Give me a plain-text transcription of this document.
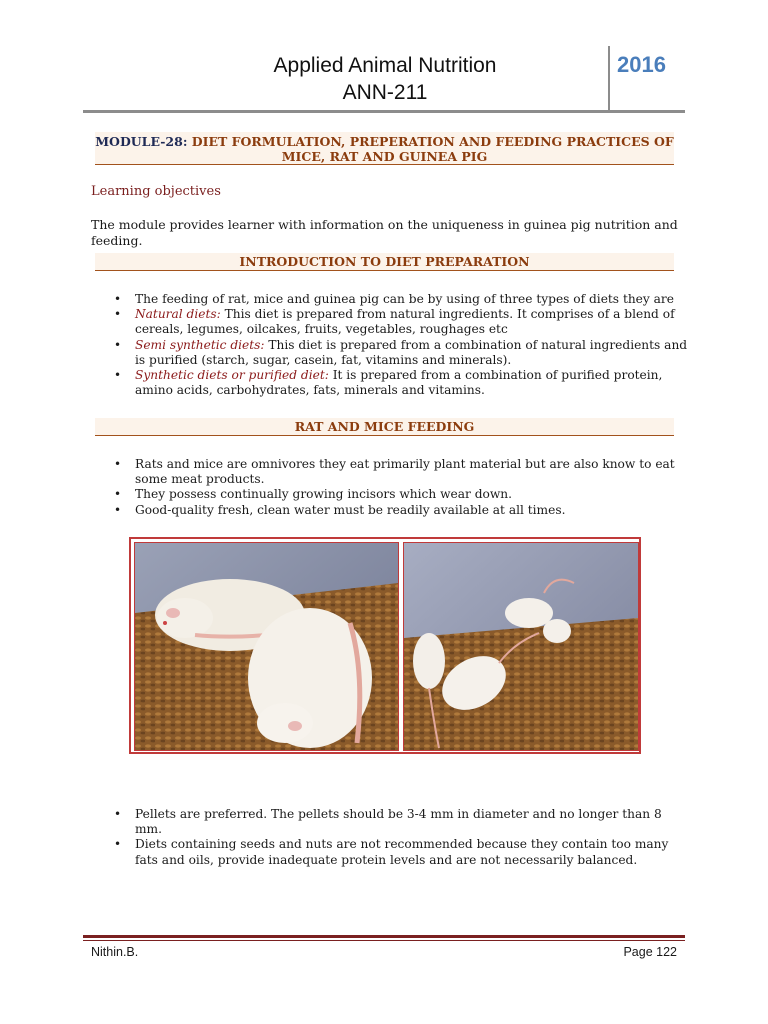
Applied Animal Nutrition
ANN-211
2016
MODULE-28: DIET FORMULATION, PREPERATION AND FEEDING PRACTICES OF
MICE, RAT AND GUINEA PIG
Learning objectives
The module provides learner with information on the uniqueness in guinea pig nutrition and feeding.
INTRODUCTION TO DIET PREPARATION
• The feeding of rat, mice and guinea pig can be by using of three types of diets they are
• Natural diets: This diet is prepared from natural ingredients. It comprises of a blend of cereals, legumes, oilcakes, fruits, vegetables, roughages etc
• Semi synthetic diets: This diet is prepared from a combination of natural ingredients and is purified (starch, sugar, casein, fat, vitamins and minerals).
• Synthetic diets or purified diet: It is prepared from a combination of purified protein, amino acids, carbohydrates, fats, minerals and vitamins.
RAT AND MICE FEEDING
• Rats and mice are omnivores they eat primarily plant material but are also know to eat some meat products.
• They possess continually growing incisors which wear down.
• Good-quality fresh, clean water must be readily available at all times.
• Pellets are preferred. The pellets should be 3-4 mm in diameter and no longer than 8 mm.
• Diets containing seeds and nuts are not recommended because they contain too many fats and oils, provide inadequate protein levels and are not necessarily balanced.
Nithin.B.	Page 122
